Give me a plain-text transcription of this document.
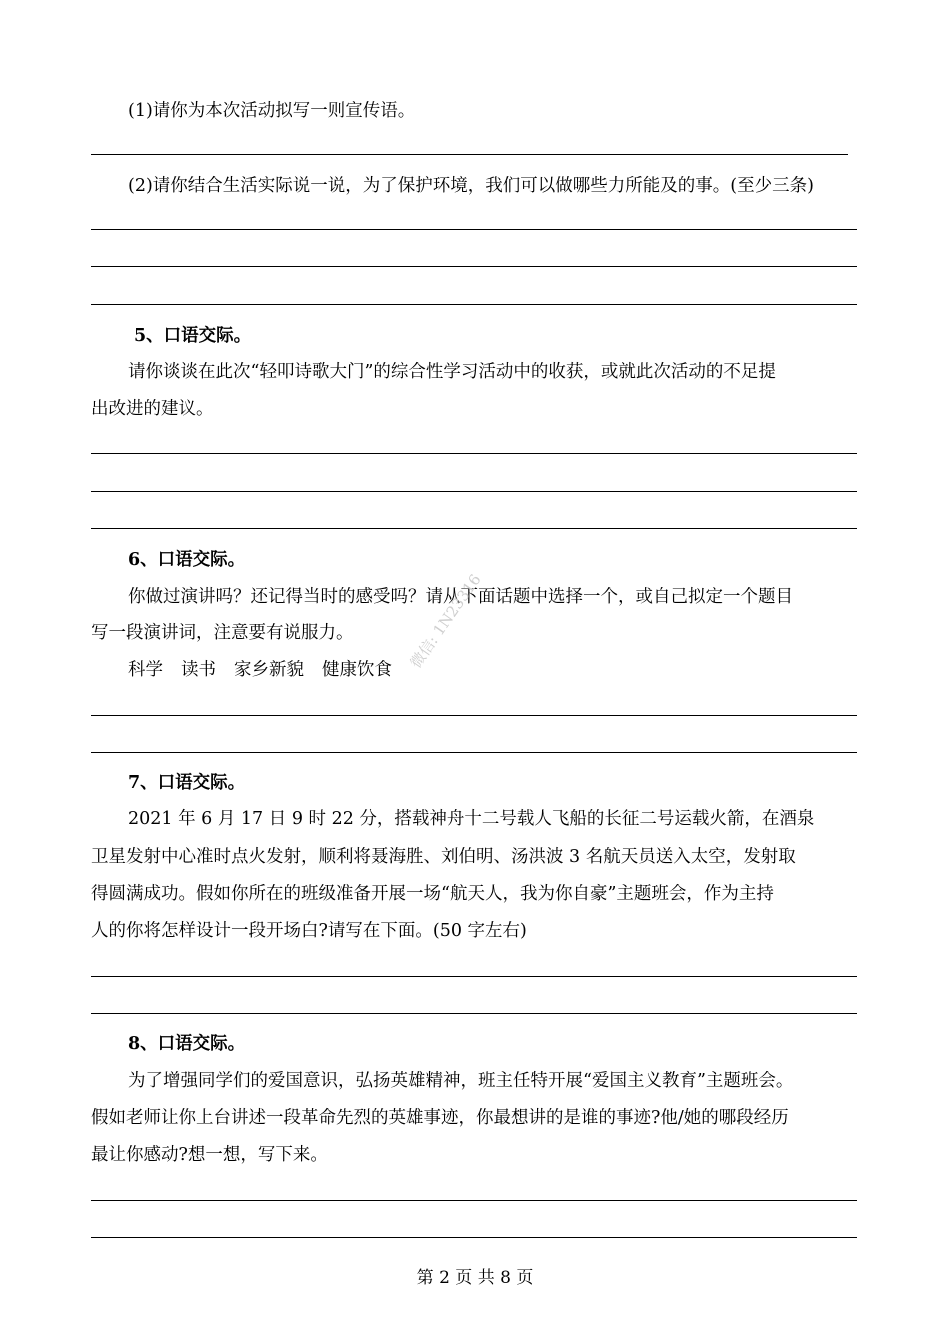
(1)请你为本次活动拟写一则宣传语。
(2)请你结合生活实际说一说，为了保护环境，我们可以做哪些力所能及的事。(至少三条)
5、口语交际。
请你谈谈在此次“轻叩诗歌大门”的综合性学习活动中的收获，或就此次活动的不足提
出改进的建议。
6、口语交际。
你做过演讲吗？还记得当时的感受吗？请从下面话题中选择一个，或自己拟定一个题目
写一段演讲词，注意要有说服力。
科学 读书 家乡新貌 健康饮食
7、口语交际。
2021 年 6 月 17 日 9 时 22 分，搭载神舟十二号载人飞船的长征二号运载火箭，在酒泉
卫星发射中心准时点火发射，顺利将聂海胜、刘伯明、汤洪波 3 名航天员送入太空，发射取
得圆满成功。假如你所在的班级准备开展一场“航天人，我为你自豪”主题班会，作为主持
人的你将怎样设计一段开场白?请写在下面。(50 字左右)
8、口语交际。
为了增强同学们的爱国意识，弘扬英雄精神，班主任特开展“爱国主义教育”主题班会。
假如老师让你上台讲述一段革命先烈的英雄事迹，你最想讲的是谁的事迹?他/她的哪段经历
最让你感动?想一想，写下来。
微信: 1N23316
第 2 页 共 8 页
